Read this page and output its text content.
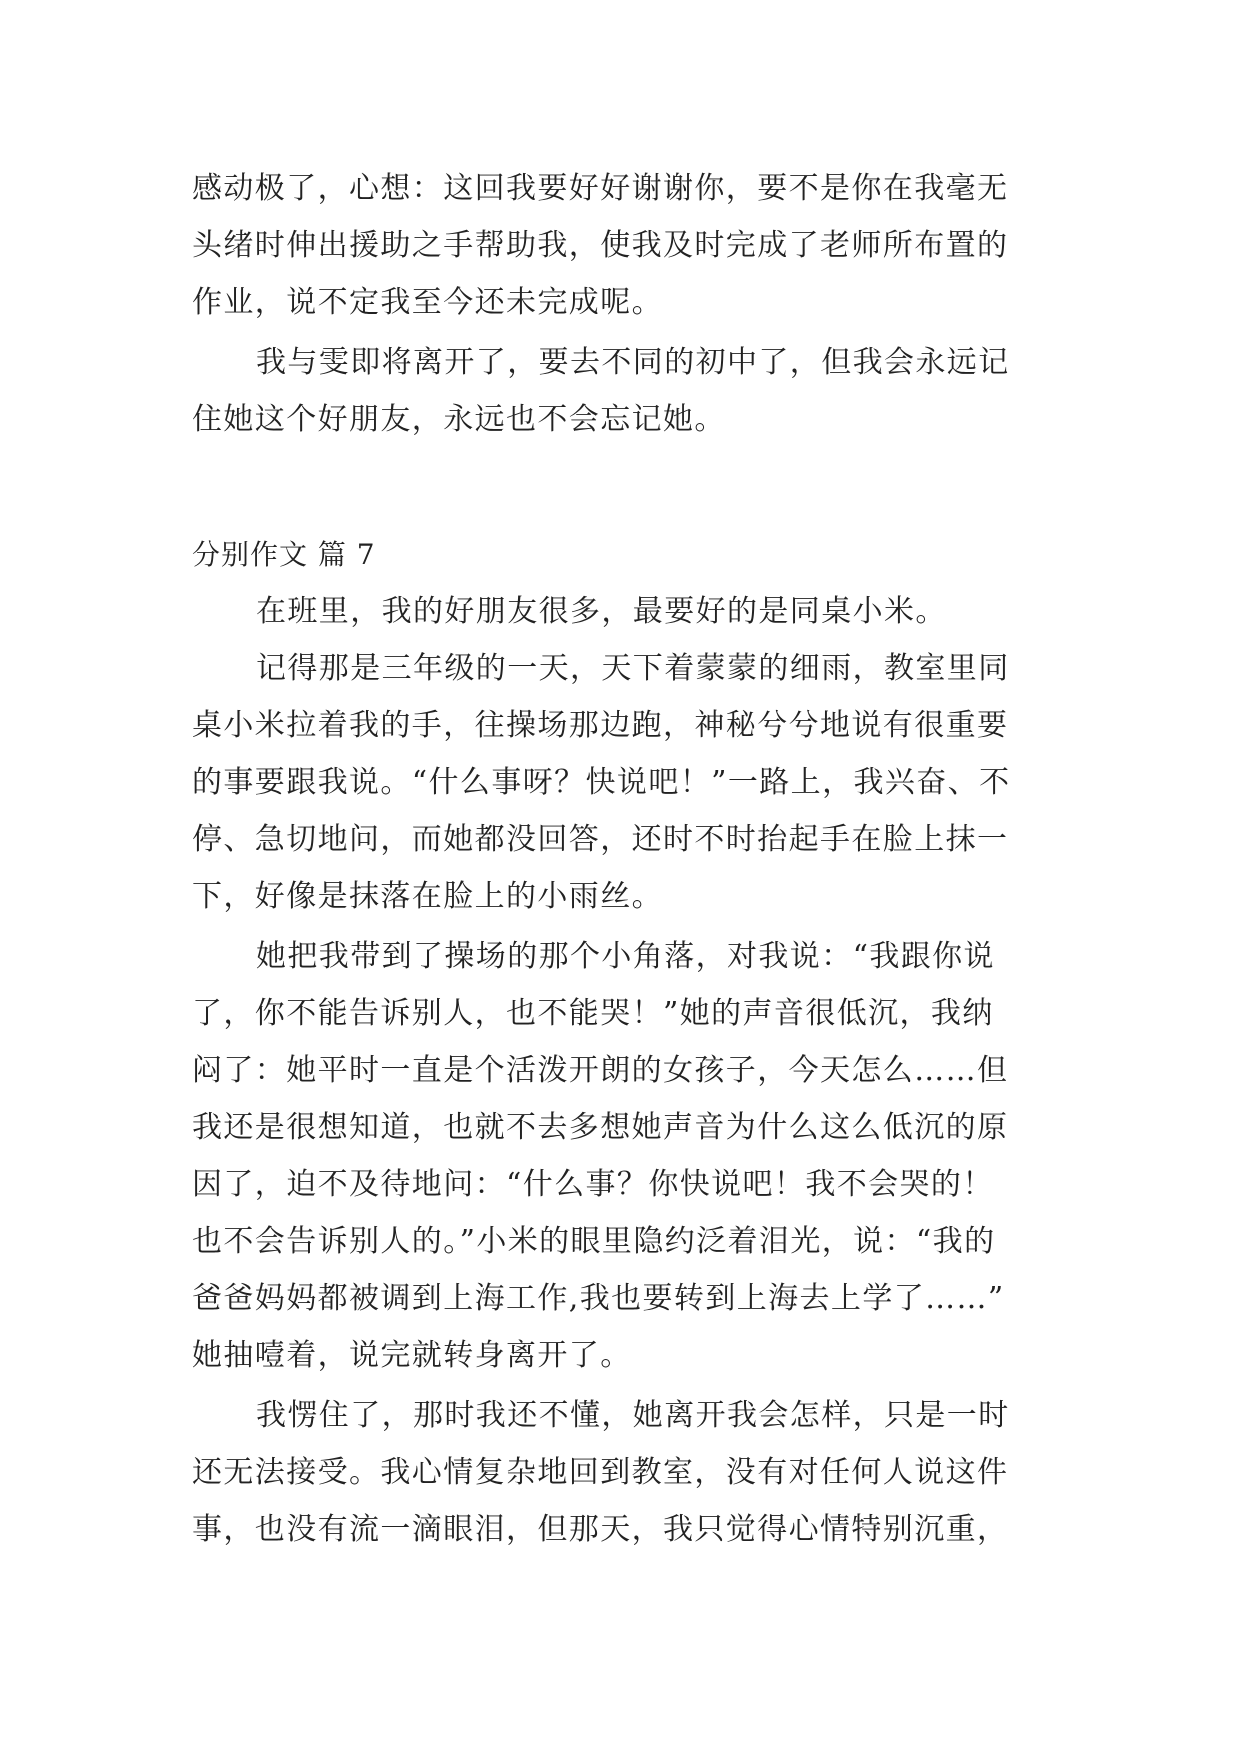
感动极了，心想：这回我要好好谢谢你，要不是你在我毫无
头绪时伸出援助之手帮助我，使我及时完成了老师所布置的
作业，说不定我至今还未完成呢。
我与雯即将离开了，要去不同的初中了，但我会永远记
住她这个好朋友，永远也不会忘记她。
分别作文 篇 7
在班里，我的好朋友很多，最要好的是同桌小米。
记得那是三年级的一天，天下着蒙蒙的细雨，教室里同
桌小米拉着我的手，往操场那边跑，神秘兮兮地说有很重要
的事要跟我说。“什么事呀？快说吧！”一路上，我兴奋、不
停、急切地问，而她都没回答，还时不时抬起手在脸上抹一
下，好像是抹落在脸上的小雨丝。
她把我带到了操场的那个小角落，对我说：“我跟你说
了，你不能告诉别人，也不能哭！”她的声音很低沉，我纳
闷了：她平时一直是个活泼开朗的女孩子，今天怎么……但
我还是很想知道，也就不去多想她声音为什么这么低沉的原
因了，迫不及待地问：“什么事？你快说吧！我不会哭的！
也不会告诉别人的。”小米的眼里隐约泛着泪光，说：“我的
爸爸妈妈都被调到上海工作,我也要转到上海去上学了……”
她抽噎着，说完就转身离开了。
我愣住了，那时我还不懂，她离开我会怎样，只是一时
还无法接受。我心情复杂地回到教室，没有对任何人说这件
事，也没有流一滴眼泪，但那天，我只觉得心情特别沉重，
